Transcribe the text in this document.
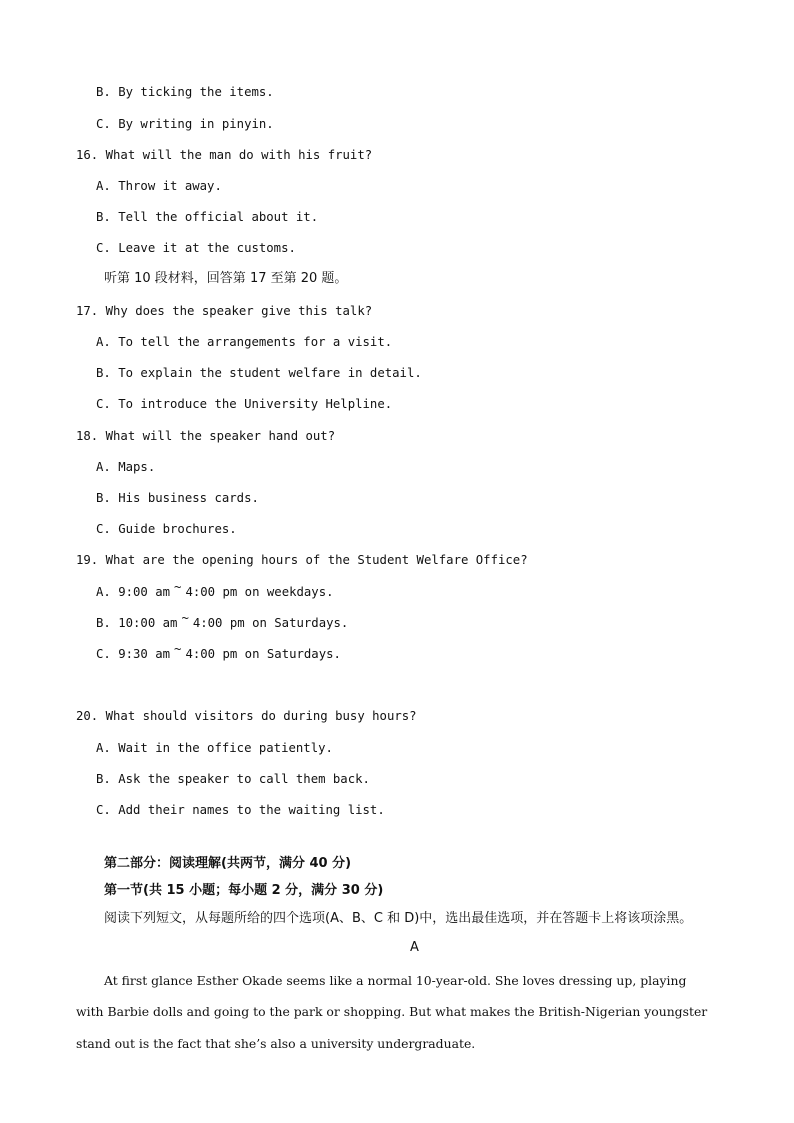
B. By ticking the items.
C. By writing in pinyin.
16. What will the man do with his fruit?
A. Throw it away.
B. Tell the official about it.
C. Leave it at the customs.
听第 10 段材料，回答第 17 至第 20 题。
17. Why does the speaker give this talk?
A. To tell the arrangements for a visit.
B. To explain the student welfare in detail.
C. To introduce the University Helpline.
18. What will the speaker hand out?
A. Maps.
B. His business cards.
C. Guide brochures.
19. What are the opening hours of the Student Welfare Office?
A. 9:00 am ~ 4:00 pm on weekdays.
B. 10:00 am ~ 4:00 pm on Saturdays.
C. 9:30 am ~ 4:00 pm on Saturdays.
20. What should visitors do during busy hours?
A. Wait in the office patiently.
B. Ask the speaker to call them back.
C. Add their names to the waiting list.
第二部分：阅读理解(共两节，满分 40 分)
第一节(共 15 小题；每小题 2 分，满分 30 分)
阅读下列短文，从每题所给的四个选项(A、B、C 和 D)中，选出最佳选项，并在答题卡上将该项涂黑。
A
At first glance Esther Okade seems like a normal 10-year-old. She loves dressing up, playing
with Barbie dolls and going to the park or shopping. But what makes the British-Nigerian youngster
stand out is the fact that she’s also a university undergraduate.
